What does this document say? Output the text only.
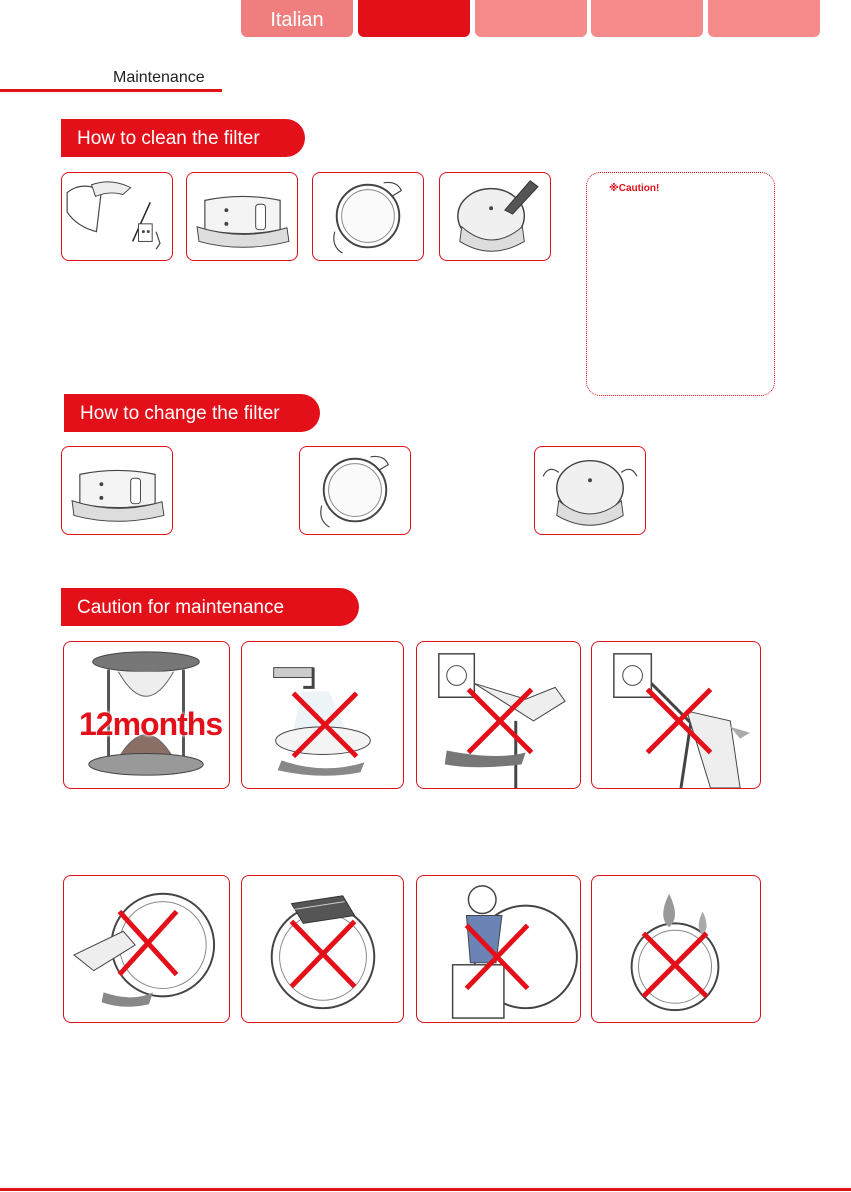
Italian
Maintenance
How to clean the filter
※Caution!
How to change the filter
Caution for maintenance
12months
